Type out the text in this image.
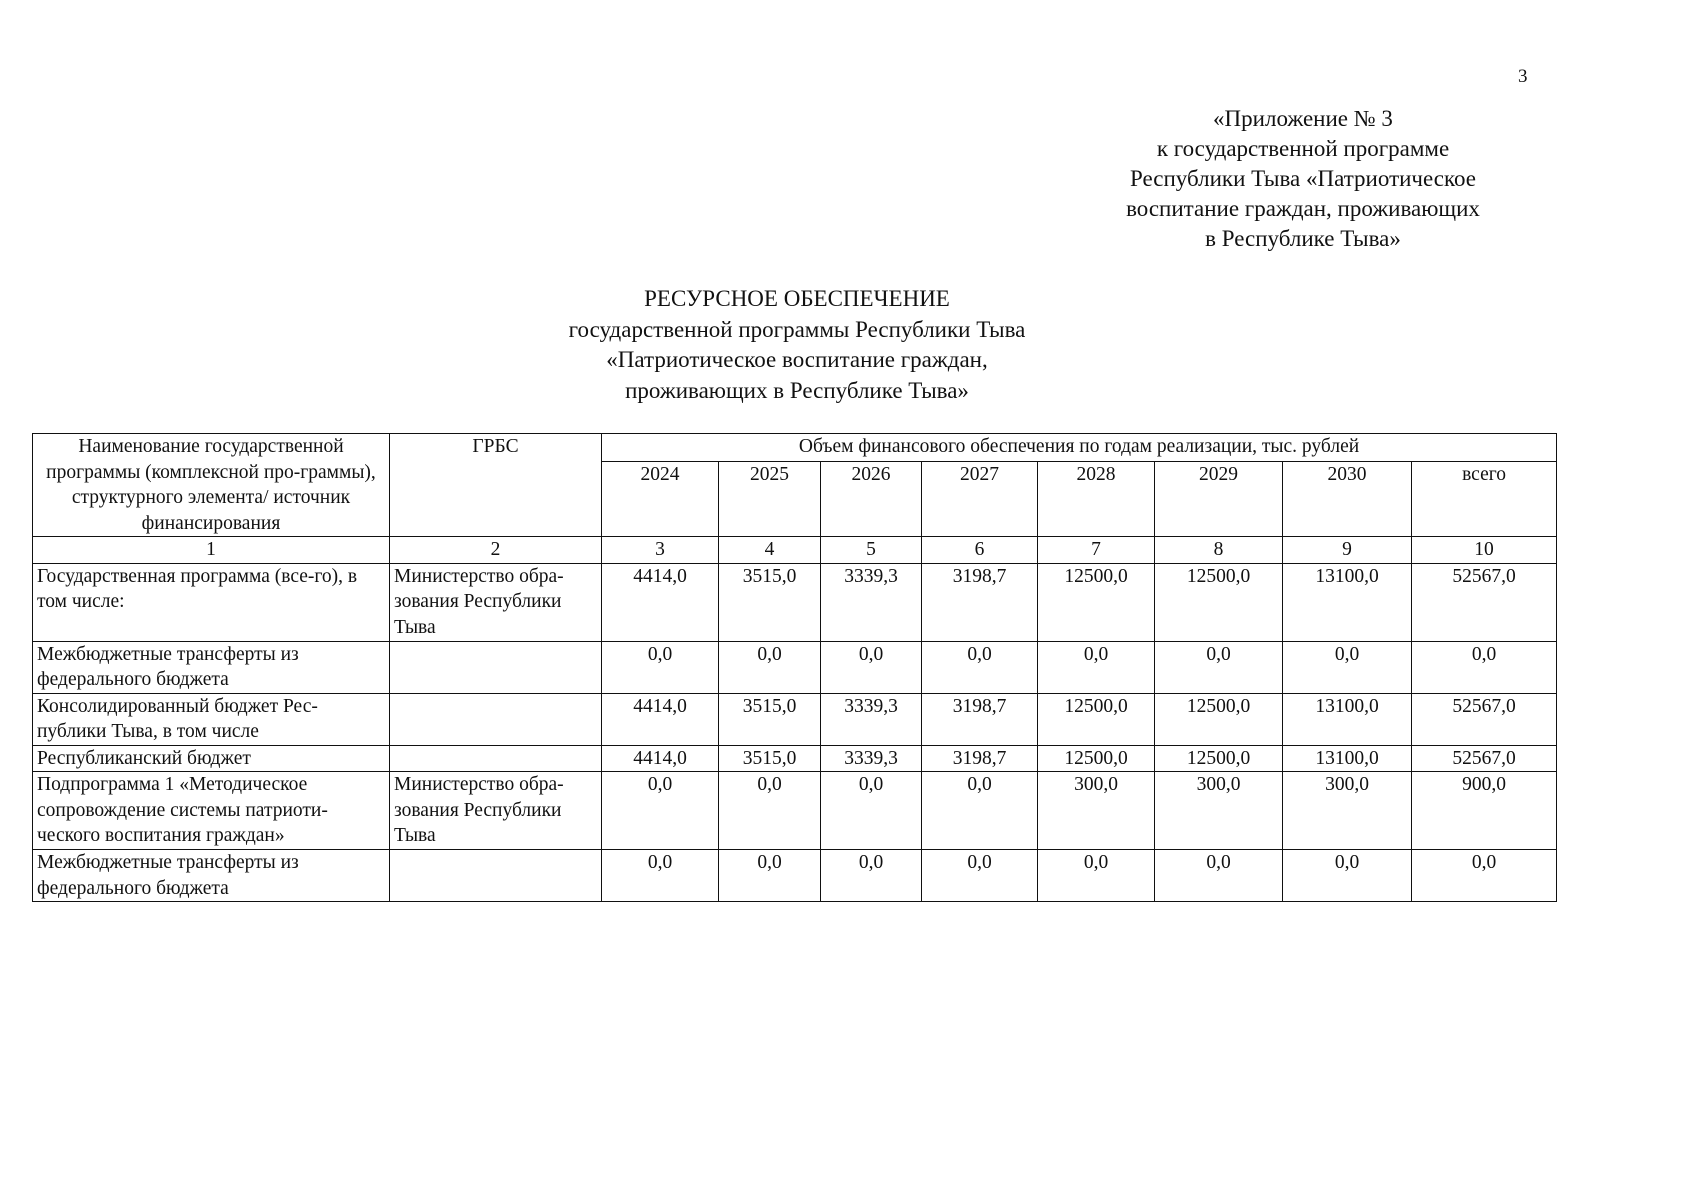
3
«Приложение № 3
к государственной программе
Республики Тыва «Патриотическое
воспитание граждан, проживающих
в Республике Тыва»
РЕСУРСНОЕ ОБЕСПЕЧЕНИЕ
государственной программы Республики Тыва
«Патриотическое воспитание граждан,
проживающих в Республике Тыва»
Наименование государственной программы (комплексной про-граммы), структурного элемента/ источник финансирования	ГРБС	Объем финансового обеспечения по годам реализации, тыс. рублей							
		2024	2025	2026	2027	2028	2029	2030	всего
1	2	3	4	5	6	7	8	9	10
Государственная программа (все-го), в том числе:	Министерство обра-зования Республики Тыва	4414,0	3515,0	3339,3	3198,7	12500,0	12500,0	13100,0	52567,0
Межбюджетные трансферты из федерального бюджета		0,0	0,0	0,0	0,0	0,0	0,0	0,0	0,0
Консолидированный бюджет Рес-публики Тыва, в том числе		4414,0	3515,0	3339,3	3198,7	12500,0	12500,0	13100,0	52567,0
Республиканский бюджет		4414,0	3515,0	3339,3	3198,7	12500,0	12500,0	13100,0	52567,0
Подпрограмма 1 «Методическое сопровождение системы патриоти-ческого воспитания граждан»	Министерство обра-зования Республики Тыва	0,0	0,0	0,0	0,0	300,0	300,0	300,0	900,0
Межбюджетные трансферты из федерального бюджета		0,0	0,0	0,0	0,0	0,0	0,0	0,0	0,0
